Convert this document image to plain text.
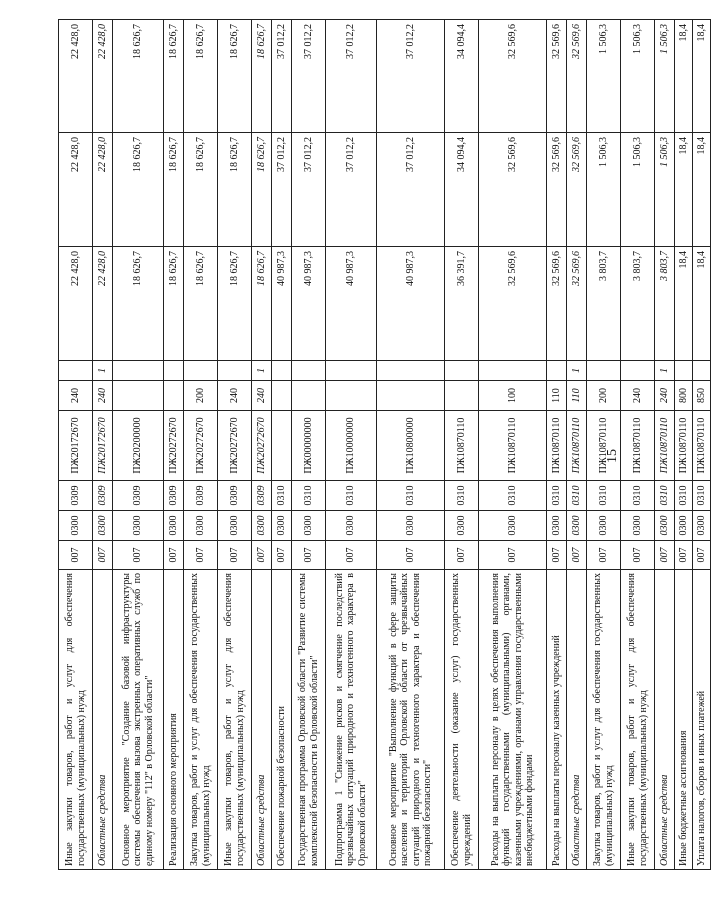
15
Иные закупки товаров, работ и услуг для обеспечения государственных (муниципальных) нужд	007	0300	0309	ПЖ20172670	240		22 428,0	22 428,0	22 428,0
Областные средства	007	0300	0309	ПЖ20172670	240	1	22 428,0	22 428,0	22 428,0
Основное мероприятие "Создание базовой инфраструктуры системы обеспечения вызова экстренных оперативных служб по единому номеру "112" в Орловской области"	007	0300	0309	ПЖ20200000			18 626,7	18 626,7	18 626,7
Реализация основного мероприятия	007	0300	0309	ПЖ20272670			18 626,7	18 626,7	18 626,7
Закупка товаров, работ и услуг для обеспечения государственных (муниципальных) нужд	007	0300	0309	ПЖ20272670	200		18 626,7	18 626,7	18 626,7
Иные закупки товаров, работ и услуг для обеспечения государственных (муниципальных) нужд	007	0300	0309	ПЖ20272670	240		18 626,7	18 626,7	18 626,7
Областные средства	007	0300	0309	ПЖ20272670	240	1	18 626,7	18 626,7	18 626,7
Обеспечение пожарной безопасности	007	0300	0310				40 987,3	37 012,2	37 012,2
Государственная программа Орловской области "Развитие системы комплексной безопасности в Орловской области"	007	0300	0310	ПЖ00000000			40 987,3	37 012,2	37 012,2
Подпрограмма 1 "Снижение рисков и смягчение последствий чрезвычайных ситуаций природного и техногенного характера в Орловской области"	007	0300	0310	ПЖ10000000			40 987,3	37 012,2	37 012,2
Основное мероприятие "Выполнение функций в сфере защиты населения и территорий Орловской области от чрезвычайных ситуаций природного и техногенного характера и обеспечения пожарной безопасности"	007	0300	0310	ПЖ10800000			40 987,3	37 012,2	37 012,2
Обеспечение деятельности (оказание услуг) государственных учреждений	007	0300	0310	ПЖ10870110			36 391,7	34 094,4	34 094,4
Расходы на выплаты персоналу в целях обеспечения выполнения функций государственными (муниципальными) органами, казенными учреждениями, органами управления государственными внебюджетными фондами	007	0300	0310	ПЖ10870110	100		32 569,6	32 569,6	32 569,6
Расходы на выплаты персоналу казенных учреждений	007	0300	0310	ПЖ10870110	110		32 569,6	32 569,6	32 569,6
Областные средства	007	0300	0310	ПЖ10870110	110	1	32 569,6	32 569,6	32 569,6
Закупка товаров, работ и услуг для обеспечения государственных (муниципальных) нужд	007	0300	0310	ПЖ10870110	200		3 803,7	1 506,3	1 506,3
Иные закупки товаров, работ и услуг для обеспечения государственных (муниципальных) нужд	007	0300	0310	ПЖ10870110	240		3 803,7	1 506,3	1 506,3
Областные средства	007	0300	0310	ПЖ10870110	240	1	3 803,7	1 506,3	1 506,3
Иные бюджетные ассигнования	007	0300	0310	ПЖ10870110	800		18,4	18,4	18,4
Уплата налогов, сборов и иных платежей	007	0300	0310	ПЖ10870110	850		18,4	18,4	18,4
